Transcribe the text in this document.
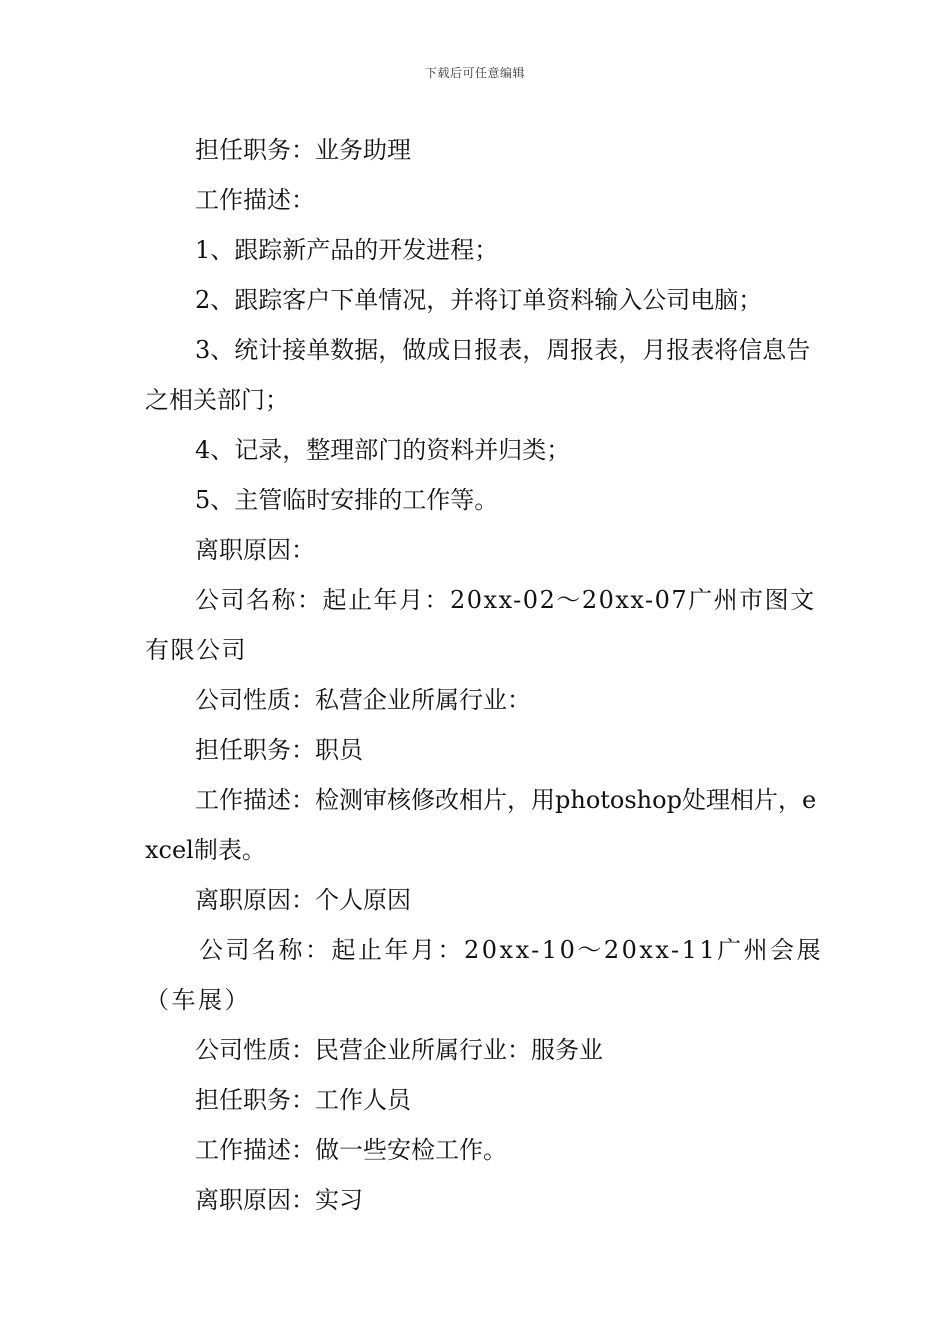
下载后可任意编辑

担任职务：业务助理

工作描述：

1、跟踪新产品的开发进程；

2、跟踪客户下单情况，并将订单资料输入公司电脑；

3、统计接单数据，做成日报表，周报表，月报表将信息告之相关部门；

4、记录，整理部门的资料并归类；

5、主管临时安排的工作等。

离职原因：

公司名称：起止年月：20xx-02～20xx-07广州市图文有限公司

公司性质：私营企业所属行业：

担任职务：职员

工作描述：检测审核修改相片，用photoshop处理相片，excel制表。

离职原因：个人原因

公司名称：起止年月：20xx-10～20xx-11广州会展（车展）

公司性质：民营企业所属行业：服务业

担任职务：工作人员

工作描述：做一些安检工作。

离职原因：实习
